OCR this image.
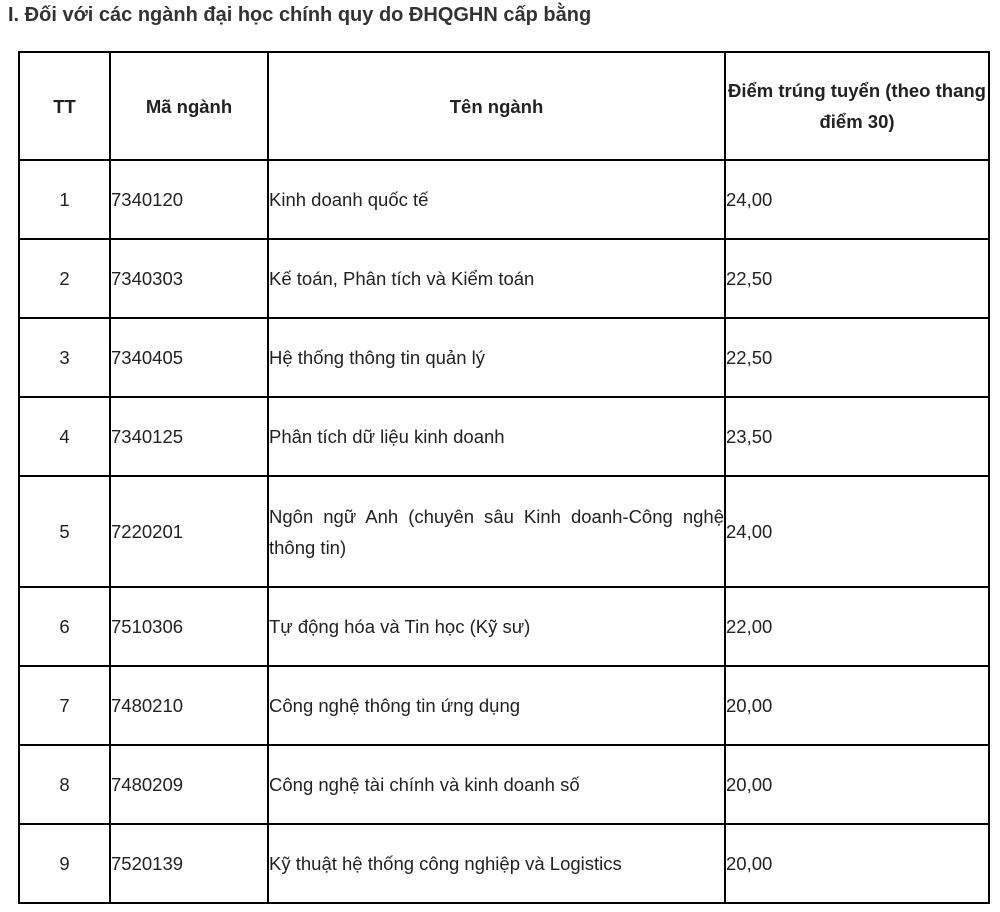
I. Đối với các ngành đại học chính quy do ĐHQGHN cấp bằng
TT	Mã ngành	Tên ngành	Điểm trúng tuyển (theo thang điểm 30)
1	7340120	Kinh doanh quốc tế	24,00
2	7340303	Kế toán, Phân tích và Kiểm toán	22,50
3	7340405	Hệ thống thông tin quản lý	22,50
4	7340125	Phân tích dữ liệu kinh doanh	23,50
5	7220201	Ngôn ngữ Anh (chuyên sâu Kinh doanh-Công nghệ thông tin)	24,00
6	7510306	Tự động hóa và Tin học (Kỹ sư)	22,00
7	7480210	Công nghệ thông tin ứng dụng	20,00
8	7480209	Công nghệ tài chính và kinh doanh số	20,00
9	7520139	Kỹ thuật hệ thống công nghiệp và Logistics	20,00
